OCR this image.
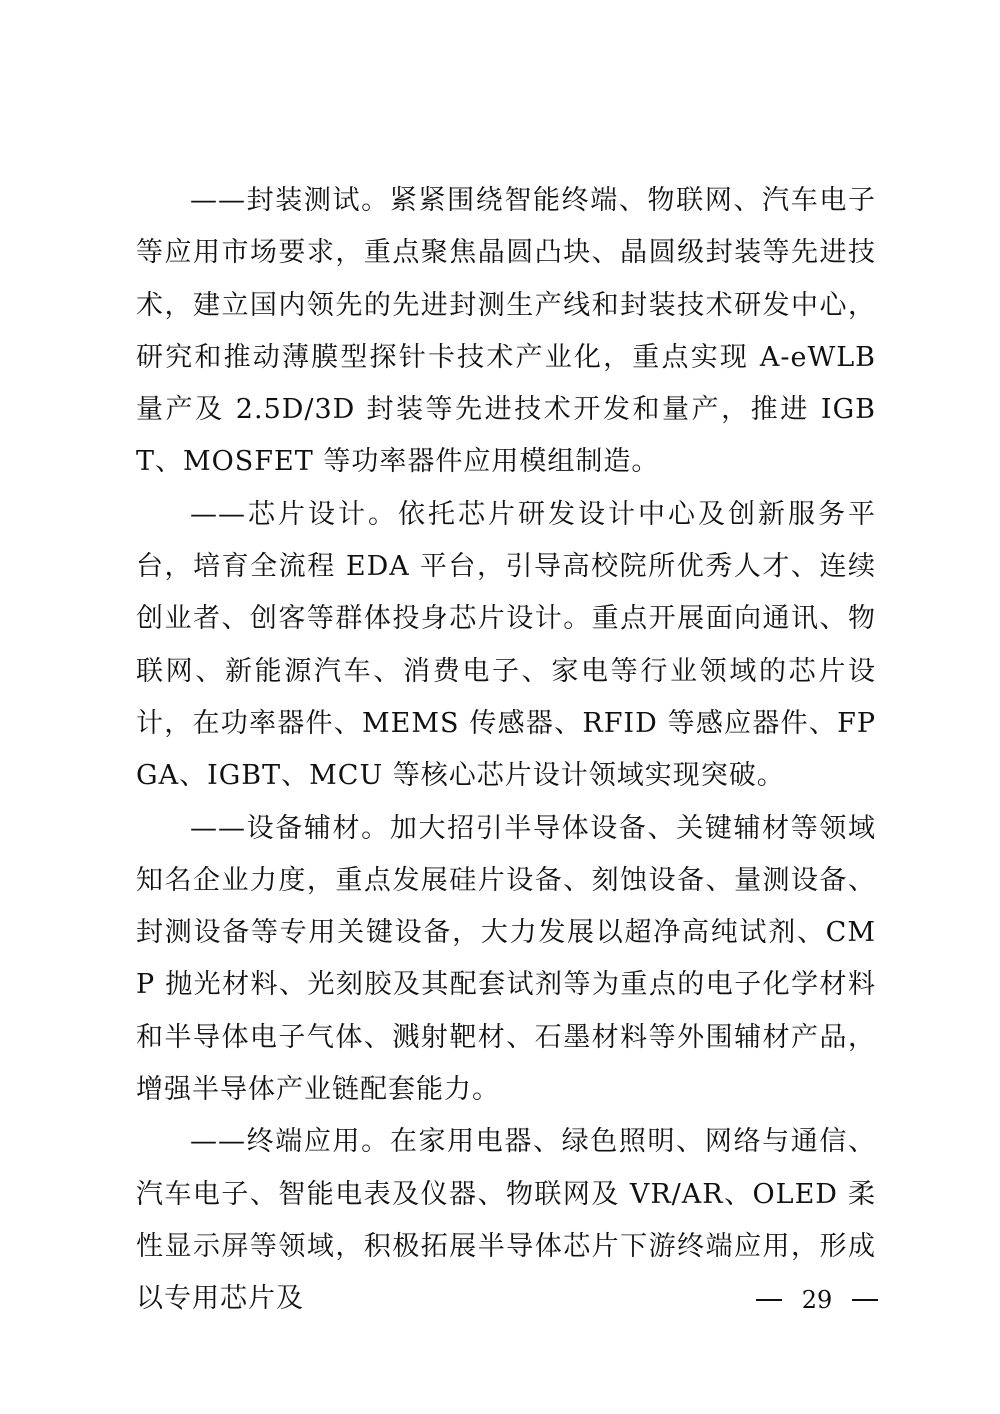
——封装测试。紧紧围绕智能终端、物联网、汽车电子等应用市场要求，重点聚焦晶圆凸块、晶圆级封装等先进技术，建立国内领先的先进封测生产线和封装技术研发中心，研究和推动薄膜型探针卡技术产业化，重点实现 A-eWLB 量产及 2.5D/3D 封装等先进技术开发和量产，推进 IGBT、MOSFET 等功率器件应用模组制造。

——芯片设计。依托芯片研发设计中心及创新服务平台，培育全流程 EDA 平台，引导高校院所优秀人才、连续创业者、创客等群体投身芯片设计。重点开展面向通讯、物联网、新能源汽车、消费电子、家电等行业领域的芯片设计，在功率器件、MEMS 传感器、RFID 等感应器件、FPGA、IGBT、MCU 等核心芯片设计领域实现突破。

——设备辅材。加大招引半导体设备、关键辅材等领域知名企业力度，重点发展硅片设备、刻蚀设备、量测设备、封测设备等专用关键设备，大力发展以超净高纯试剂、CMP 抛光材料、光刻胶及其配套试剂等为重点的电子化学材料和半导体电子气体、溅射靶材、石墨材料等外围辅材产品，增强半导体产业链配套能力。

——终端应用。在家用电器、绿色照明、网络与通信、汽车电子、智能电表及仪器、物联网及 VR/AR、OLED 柔性显示屏等领域，积极拓展半导体芯片下游终端应用，形成以专用芯片及	29
